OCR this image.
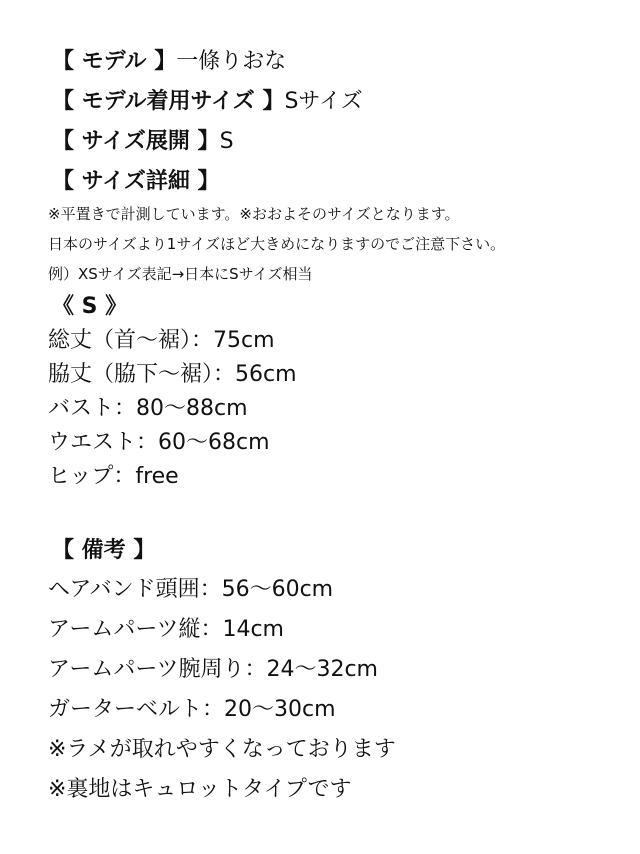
【 モデル 】一條りおな
【 モデル着用サイズ 】Sサイズ
【 サイズ展開 】S
【 サイズ詳細 】

※平置きで計測しています。※おおよそのサイズとなります。

日本のサイズより1サイズほど大きめになりますのでご注意下さい。

例）XSサイズ表記→日本にSサイズ相当

《 S 》

総丈（首〜裾）：75cm

脇丈（脇下〜裾）：56cm

バスト：80〜88cm

ウエスト：60〜68cm

ヒップ：free

【 備考 】

ヘアバンド頭囲：56〜60cm

アームパーツ縦：14cm

アームパーツ腕周り：24〜32cm

ガーターベルト：20〜30cm

※ラメが取れやすくなっております

※裏地はキュロットタイプです
